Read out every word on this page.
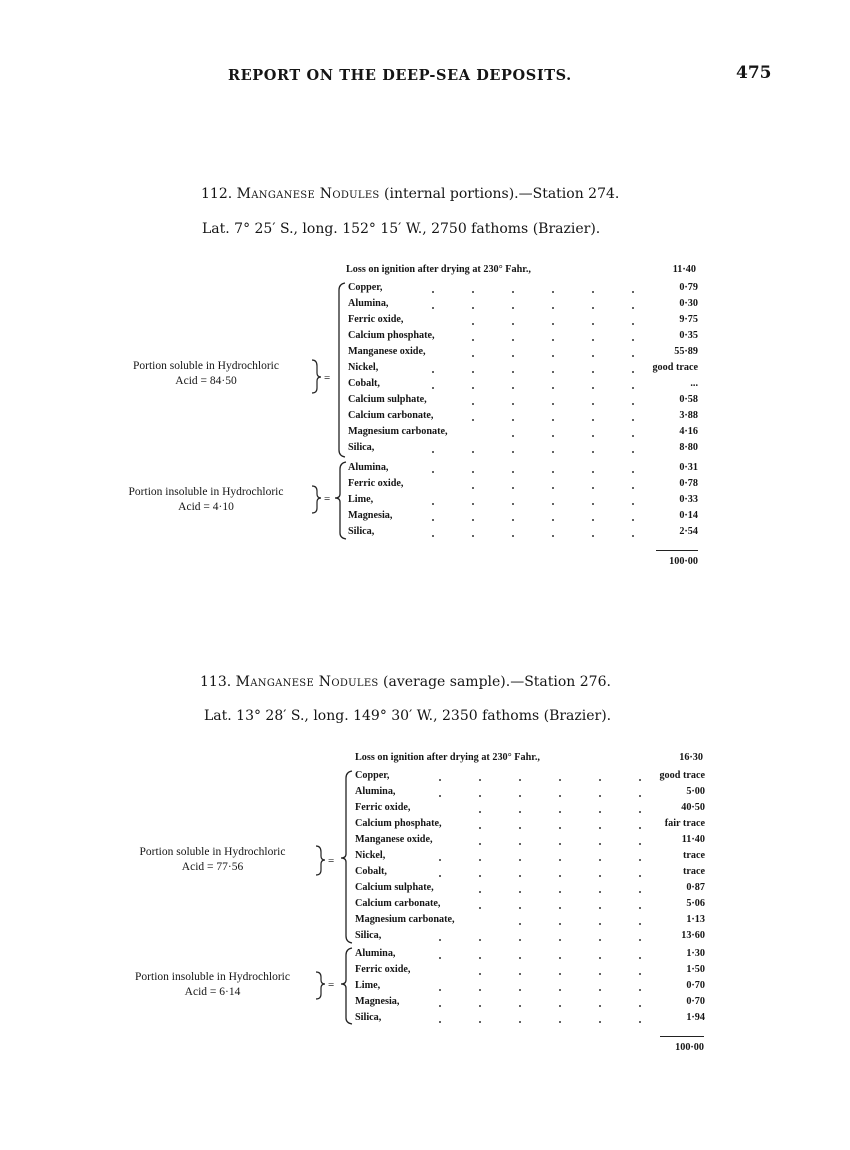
REPORT ON THE DEEP-SEA DEPOSITS.	475
112. Manganese Nodules (internal portions).—Station 274.
Lat. 7° 25′ S., long. 152° 15′ W., 2750 fathoms (Brazier).
Loss on ignition after drying at 230° Fahr.,	11·40
Portion soluble in Hydrochloric
Acid = 84·50
Portion insoluble in Hydrochloric
Acid = 4·10
Copper,	0·79
Alumina,	0·30
Ferric oxide,	9·75
Calcium phosphate,	0·35
Manganese oxide,	55·89
Nickel,	good trace
Cobalt,	...
Calcium sulphate,	0·58
Calcium carbonate,	3·88
Magnesium carbonate,	4·16
Silica,	8·80
Alumina,	0·31
Ferric oxide,	0·78
Lime,	0·33
Magnesia,	0·14
Silica,	2·54
100·00
113. Manganese Nodules (average sample).—Station 276.
Lat. 13° 28′ S., long. 149° 30′ W., 2350 fathoms (Brazier).
Loss on ignition after drying at 230° Fahr.,	16·30
Portion soluble in Hydrochloric
Acid = 77·56
Portion insoluble in Hydrochloric
Acid = 6·14
Copper,	good trace
Alumina,	5·00
Ferric oxide,	40·50
Calcium phosphate,	fair trace
Manganese oxide,	11·40
Nickel,	trace
Cobalt,	trace
Calcium sulphate,	0·87
Calcium carbonate,	5·06
Magnesium carbonate,	1·13
Silica,	13·60
Alumina,	1·30
Ferric oxide,	1·50
Lime,	0·70
Magnesia,	0·70
Silica,	1·94
100·00
=
=
=
=
